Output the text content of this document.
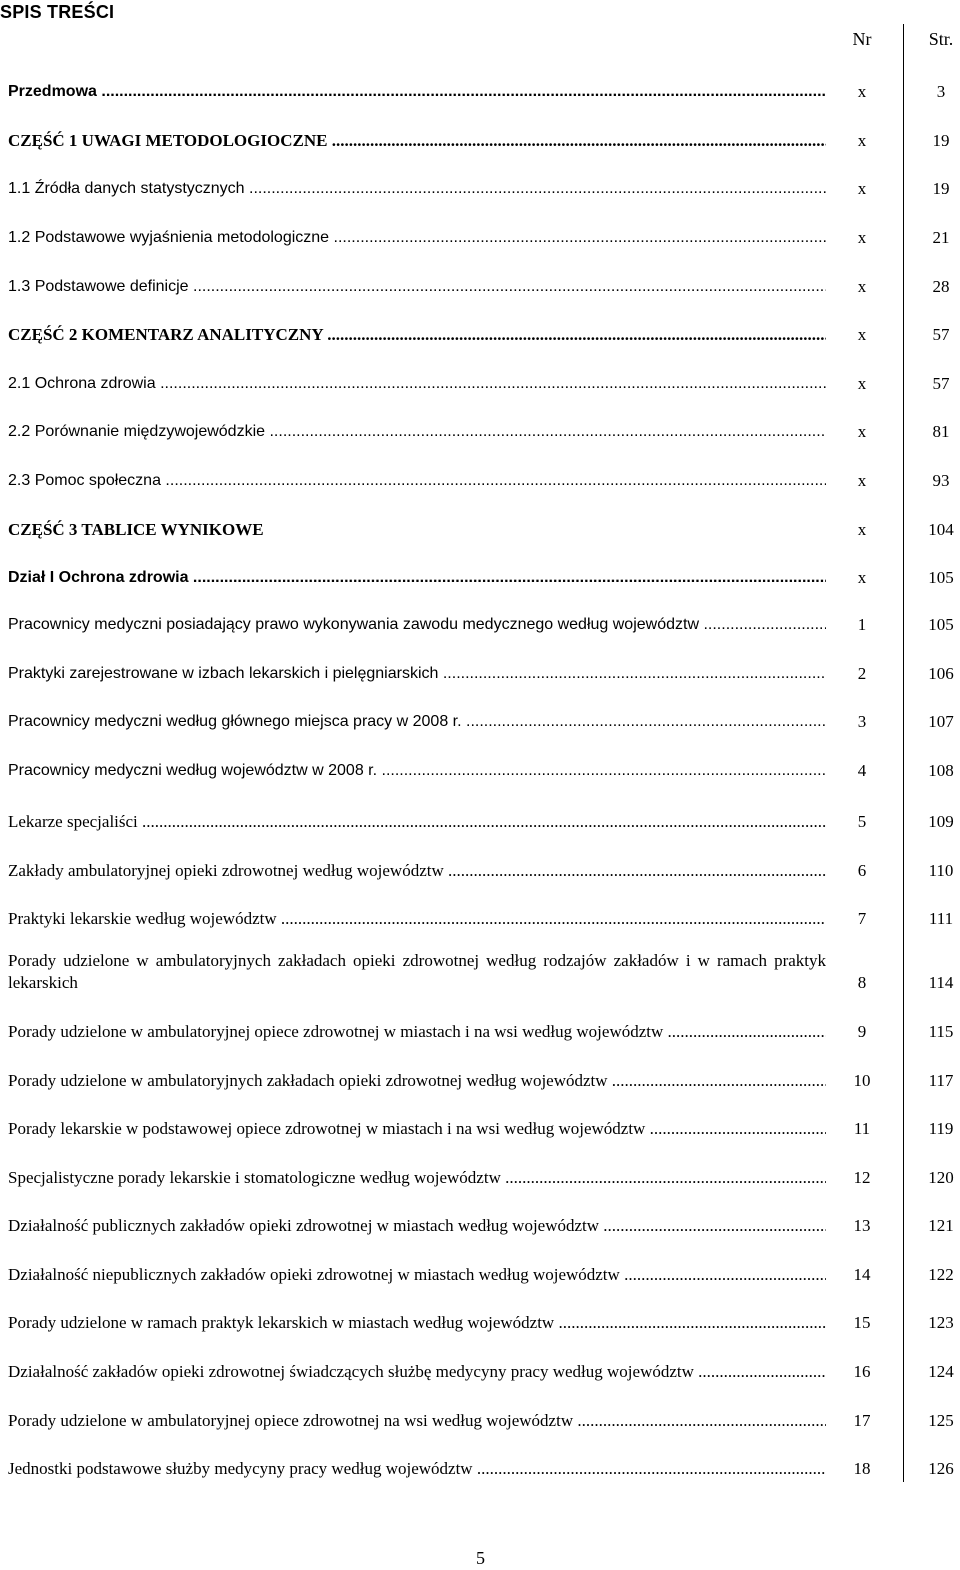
SPIS TREŚCI
Nr	Str.
Przedmowa .....	x	3
CZĘŚĆ 1 UWAGI METODOLOGIOCZNE .....	x	19
1.1 Źródła danych statystycznych .....	x	19
1.2 Podstawowe wyjaśnienia metodologiczne .....	x	21
1.3 Podstawowe definicje .....	x	28
CZĘŚĆ 2 KOMENTARZ ANALITYCZNY .....	x	57
2.1 Ochrona zdrowia .....	x	57
2.2 Porównanie międzywojewódzkie .....	x	81
2.3 Pomoc społeczna .....	x	93
CZĘŚĆ 3 TABLICE WYNIKOWE	x	104
Dział I Ochrona zdrowia .....	x	105
Pracownicy medyczni posiadający prawo wykonywania zawodu medycznego według województw .....	1	105
Praktyki zarejestrowane w izbach lekarskich i pielęgniarskich .....	2	106
Pracownicy medyczni według głównego miejsca pracy w 2008 r. .....	3	107
Pracownicy medyczni według województw w 2008 r. .....	4	108
Lekarze specjaliści .....	5	109
Zakłady ambulatoryjnej opieki zdrowotnej według województw .....	6	110
Praktyki lekarskie według województw .....	7	111
Porady udzielone w ambulatoryjnych zakładach opieki zdrowotnej według rodzajów zakładów i w ramach praktyk lekarskich .....	8	114
Porady udzielone w ambulatoryjnej opiece zdrowotnej w miastach i na wsi według województw .....	9	115
Porady udzielone w ambulatoryjnych zakładach opieki zdrowotnej według województw .....	10	117
Porady lekarskie w podstawowej opiece zdrowotnej w miastach i na wsi według województw .....	11	119
Specjalistyczne porady lekarskie i stomatologiczne według województw .....	12	120
Działalność publicznych zakładów opieki zdrowotnej w miastach według województw .....	13	121
Działalność niepublicznych zakładów opieki zdrowotnej w miastach według województw .....	14	122
Porady udzielone w ramach praktyk lekarskich w miastach według województw .....	15	123
Działalność zakładów opieki zdrowotnej świadczących służbę medycyny pracy według województw .....	16	124
Porady udzielone w ambulatoryjnej opiece zdrowotnej na wsi według województw .....	17	125
Jednostki podstawowe służby medycyny pracy według województw .....	18	126
5
